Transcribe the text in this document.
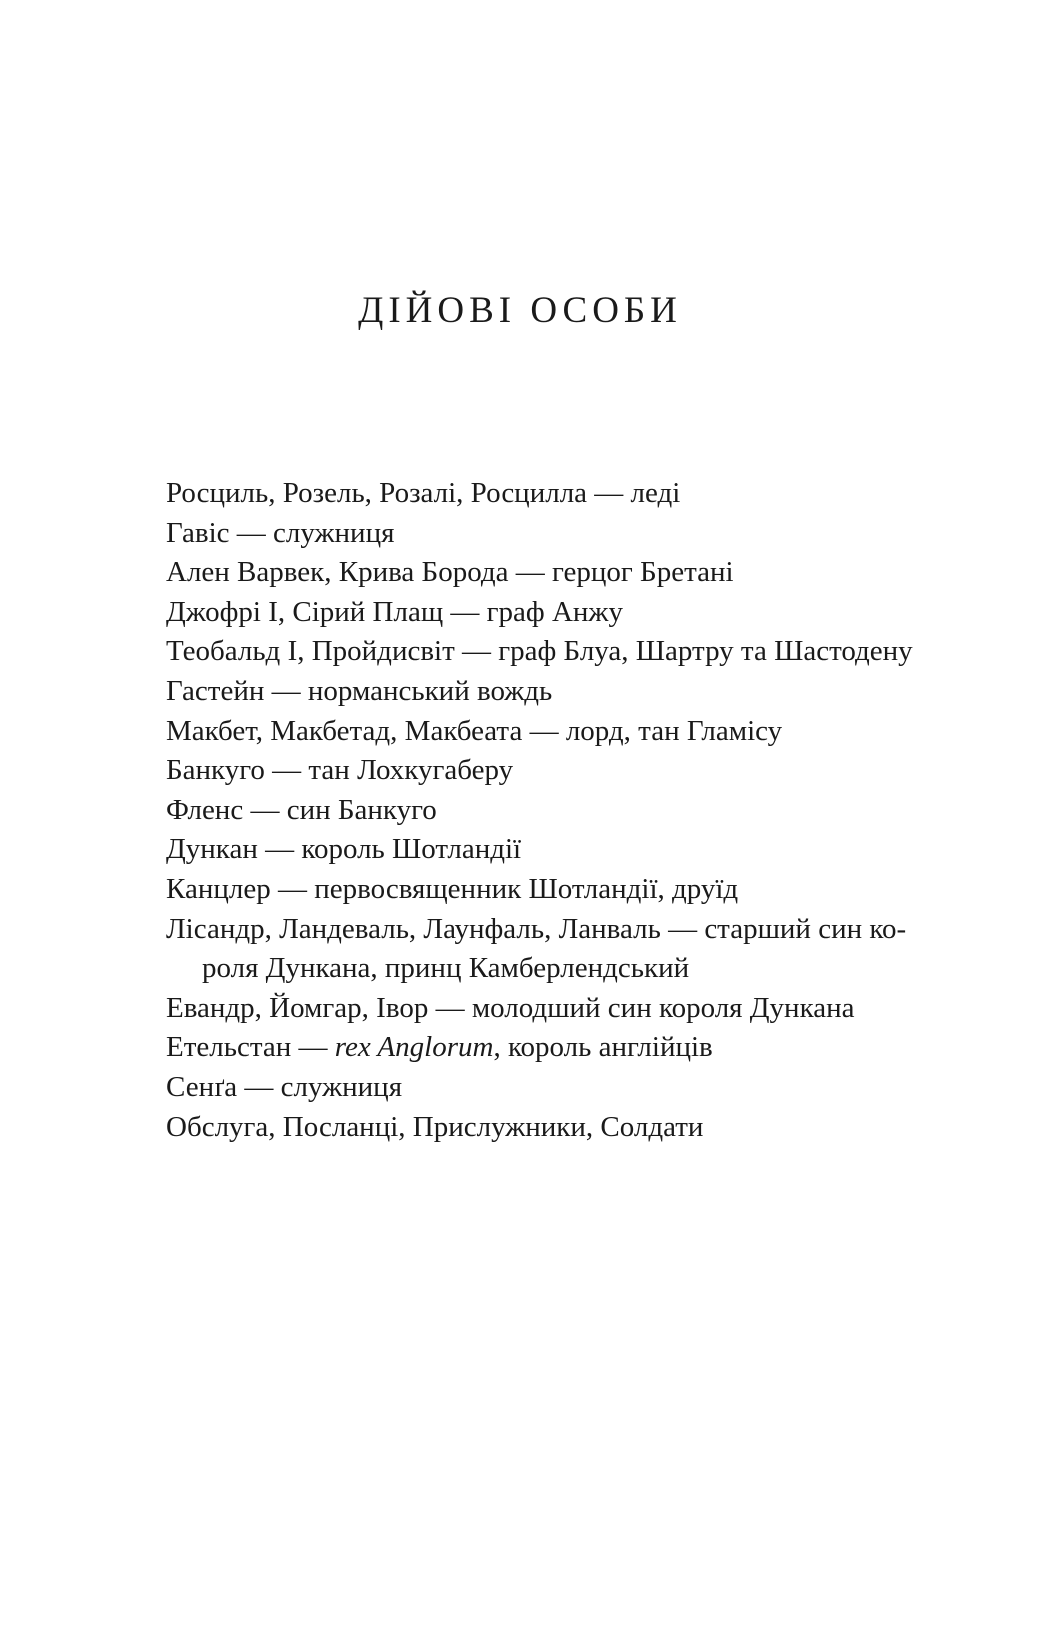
ДІЙОВІ ОСОБИ
Росциль, Розель, Розалі, Росцилла — леді
Гавіс — служниця
Ален Варвек, Крива Борода — герцог Бретані
Джофрі І, Сірий Плащ — граф Анжу
Теобальд І, Пройдисвіт — граф Блуа, Шартру та Шастодену
Гастейн — норманський вождь
Макбет, Макбетад, Макбеата — лорд, тан Гламісу
Банкуго — тан Лохкугаберу
Фленс — син Банкуго
Дункан — король Шотландії
Канцлер — первосвященник Шотландії, друїд
Лісандр, Ландеваль, Лаунфаль, Ланваль — старший син ко-
роля Дункана, принц Камберлендський
Евандр, Йомгар, Івор — молодший син короля Дункана
Етельстан — rex Anglorum, король англійців
Сенґа — служниця
Обслуга, Посланці, Прислужники, Солдати
